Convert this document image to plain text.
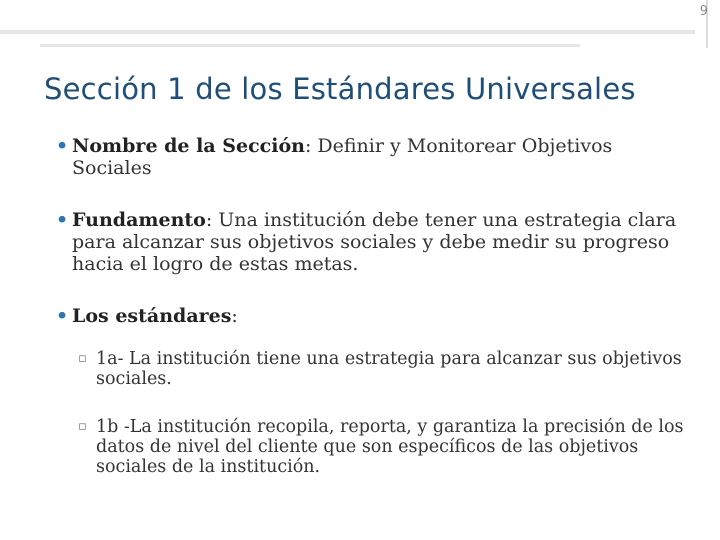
9
Sección 1 de los Estándares Universales
• Nombre de la Sección: Definir y Monitorear Objetivos Sociales
• Fundamento: Una institución debe tener una estrategia clara para alcanzar sus objetivos sociales y debe medir su progreso hacia el logro de estas metas.
• Los estándares:
▫ 1a- La institución tiene una estrategia para alcanzar sus objetivos sociales.
▫ 1b -La institución recopila, reporta, y garantiza la precisión de los datos de nivel del cliente que son específicos de las objetivos sociales de la institución.
